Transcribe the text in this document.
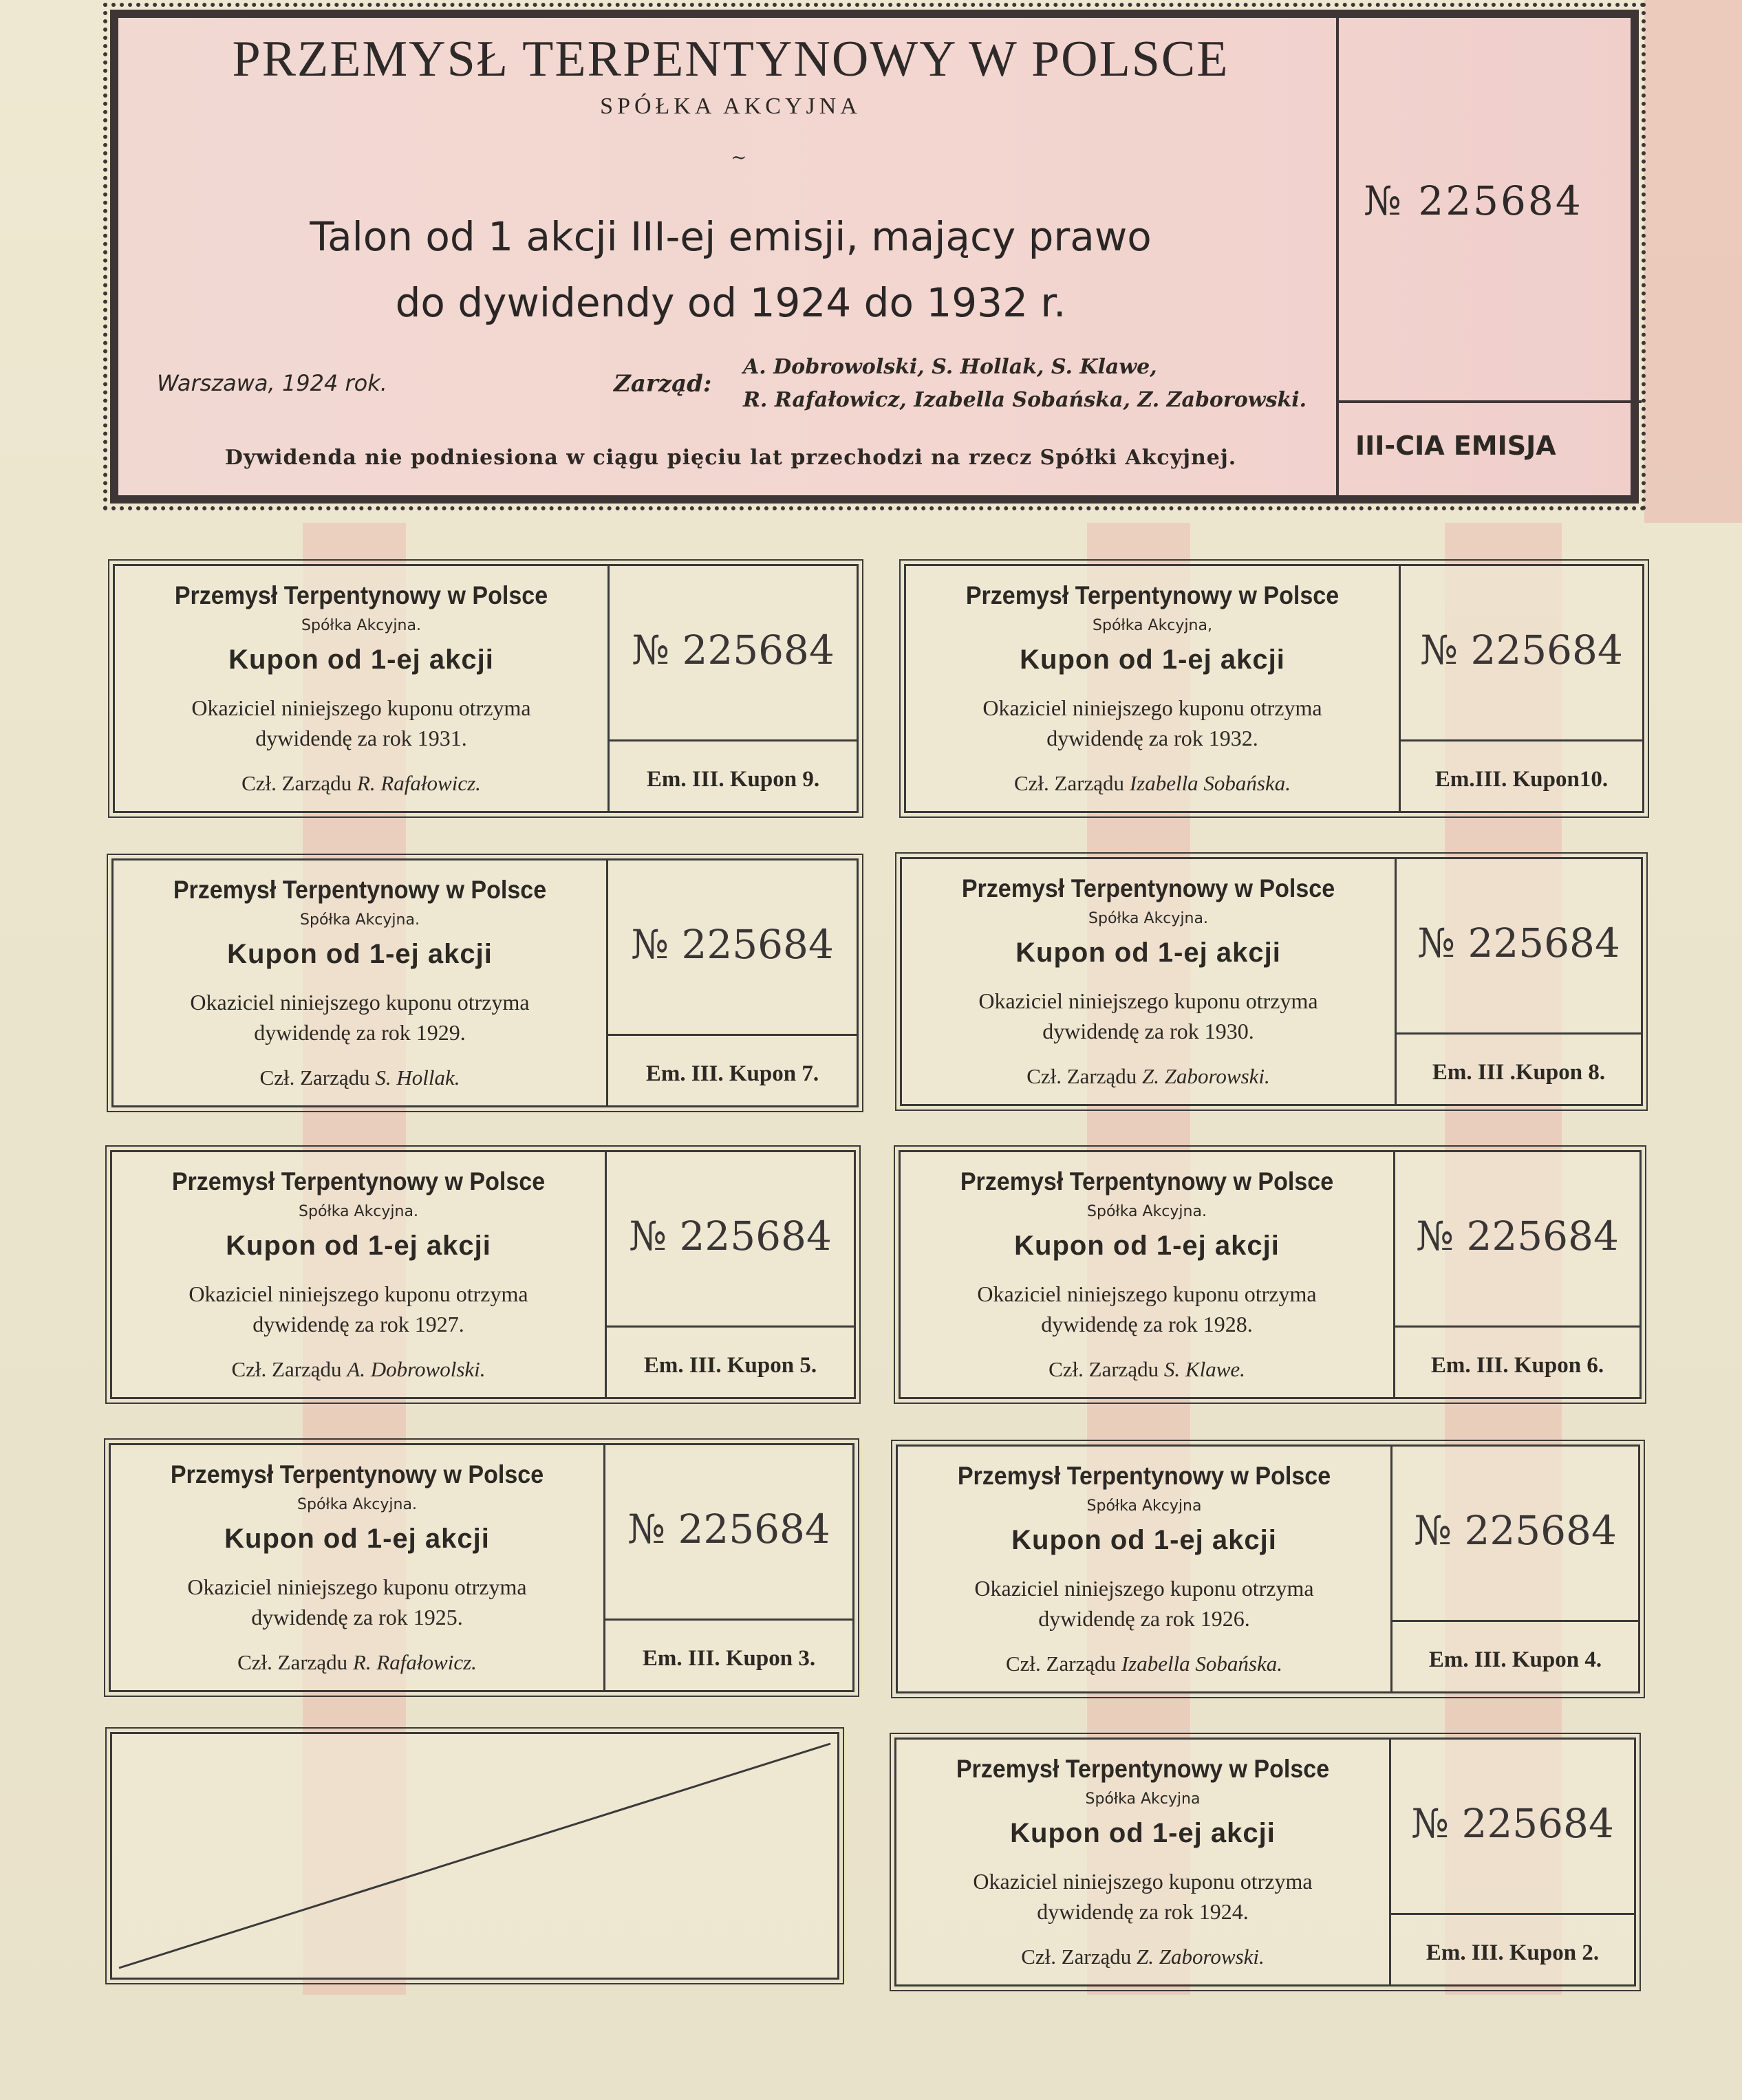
PRZEMYSŁ TERPENTYNOWY W POLSCE
SPÓŁKA AKCYJNA
~
Talon od 1 akcji III-ej emisji, mający prawo
do dywidendy od 1924 do 1932 r.
Warszawa, 1924 rok.	Zarząd:
A. Dobrowolski, S. Hollak, S. Klawe,
R. Rafałowicz, Izabella Sobańska, Z. Zaborowski.
Dywidenda nie podniesiona w ciągu pięciu lat przechodzi na rzecz Spółki Akcyjnej.
№ 225684
III-CIA EMISJA
Przemysł Terpentynowy w Polsce
Spółka Akcyjna.
Kupon od 1-ej akcji
Okaziciel niniejszego kuponu otrzyma
dywidendę za rok 1931.
Czł. Zarządu R. Rafałowicz.
№ 225684
Em. III. Kupon 9.
Przemysł Terpentynowy w Polsce
Spółka Akcyjna,
Kupon od 1-ej akcji
Okaziciel niniejszego kuponu otrzyma
dywidendę za rok 1932.
Czł. Zarządu Izabella Sobańska.
№ 225684
Em.III. Kupon10.
Przemysł Terpentynowy w Polsce
Spółka Akcyjna.
Kupon od 1-ej akcji
Okaziciel niniejszego kuponu otrzyma
dywidendę za rok 1929.
Czł. Zarządu S. Hollak.
№ 225684
Em. III. Kupon 7.
Przemysł Terpentynowy w Polsce
Spółka Akcyjna.
Kupon od 1-ej akcji
Okaziciel niniejszego kuponu otrzyma
dywidendę za rok 1930.
Czł. Zarządu Z. Zaborowski.
№ 225684
Em. III .Kupon 8.
Przemysł Terpentynowy w Polsce
Spółka Akcyjna.
Kupon od 1-ej akcji
Okaziciel niniejszego kuponu otrzyma
dywidendę za rok 1927.
Czł. Zarządu A. Dobrowolski.
№ 225684
Em. III. Kupon 5.
Przemysł Terpentynowy w Polsce
Spółka Akcyjna.
Kupon od 1-ej akcji
Okaziciel niniejszego kuponu otrzyma
dywidendę za rok 1928.
Czł. Zarządu S. Klawe.
№ 225684
Em. III. Kupon 6.
Przemysł Terpentynowy w Polsce
Spółka Akcyjna.
Kupon od 1-ej akcji
Okaziciel niniejszego kuponu otrzyma
dywidendę za rok 1925.
Czł. Zarządu R. Rafałowicz.
№ 225684
Em. III. Kupon 3.
Przemysł Terpentynowy w Polsce
Spółka Akcyjna
Kupon od 1-ej akcji
Okaziciel niniejszego kuponu otrzyma
dywidendę za rok 1926.
Czł. Zarządu Izabella Sobańska.
№ 225684
Em. III. Kupon 4.
Przemysł Terpentynowy w Polsce
Spółka Akcyjna
Kupon od 1-ej akcji
Okaziciel niniejszego kuponu otrzyma
dywidendę za rok 1924.
Czł. Zarządu Z. Zaborowski.
№ 225684
Em. III. Kupon 2.
